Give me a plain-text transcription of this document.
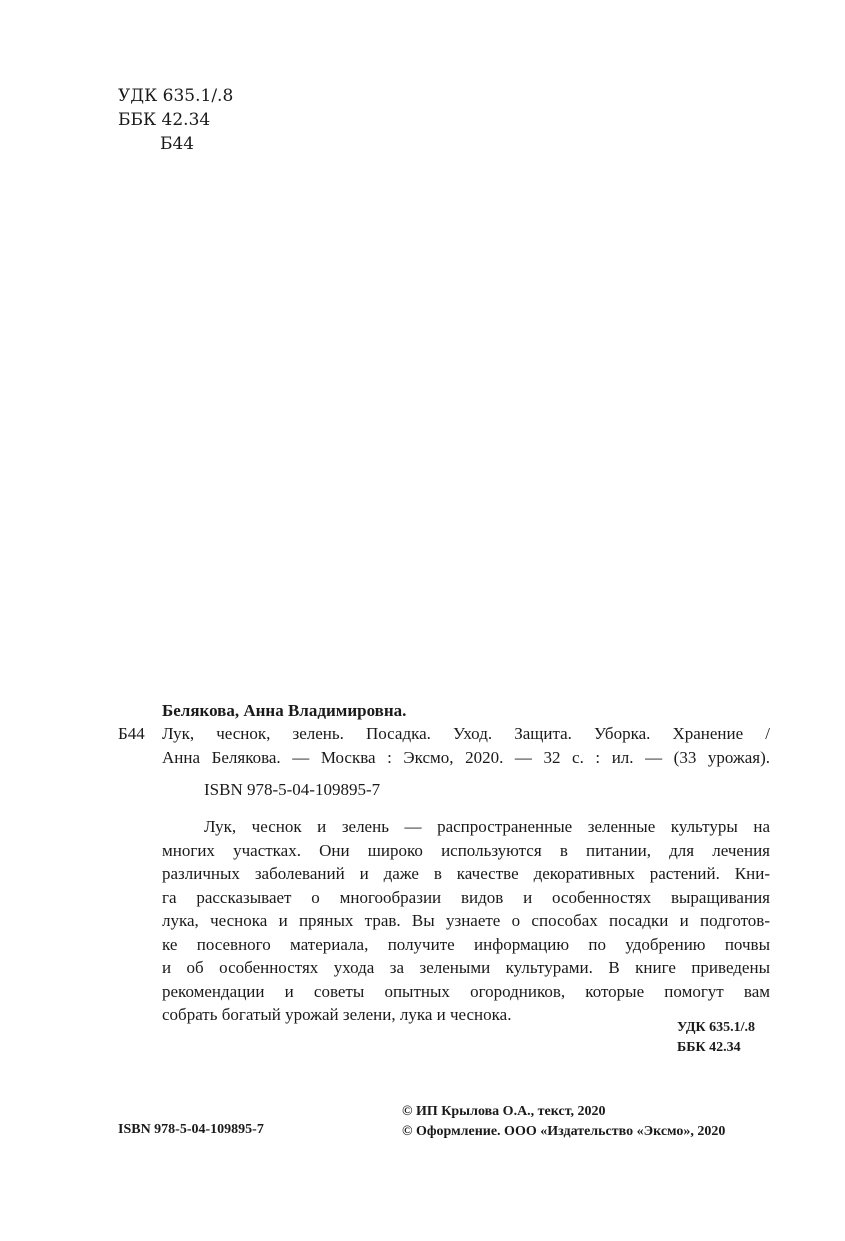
УДК 635.1/.8
ББК 42.34
Б44
Белякова, Анна Владимировна.
Б44 Лук, чеснок, зелень. Посадка. Уход. Защита. Уборка. Хранение /
Анна Белякова. — Москва : Эксмо, 2020. — 32 с. : ил. — (33 урожая).
ISBN 978-5-04-109895-7
Лук, чеснок и зелень — распространенные зеленные культуры на
многих участках. Они широко используются в питании, для лечения
различных заболеваний и даже в качестве декоративных растений. Кни-
га рассказывает о многообразии видов и особенностях выращивания
лука, чеснока и пряных трав. Вы узнаете о способах посадки и подготов-
ке посевного материала, получите информацию по удобрению почвы
и об особенностях ухода за зелеными культурами. В книге приведены
рекомендации и советы опытных огородников, которые помогут вам
собрать богатый урожай зелени, лука и чеснока.
УДК 635.1/.8
ББК 42.34
© ИП Крылова О.А., текст, 2020
© Оформление. ООО «Издательство «Эксмо», 2020
ISBN 978-5-04-109895-7
